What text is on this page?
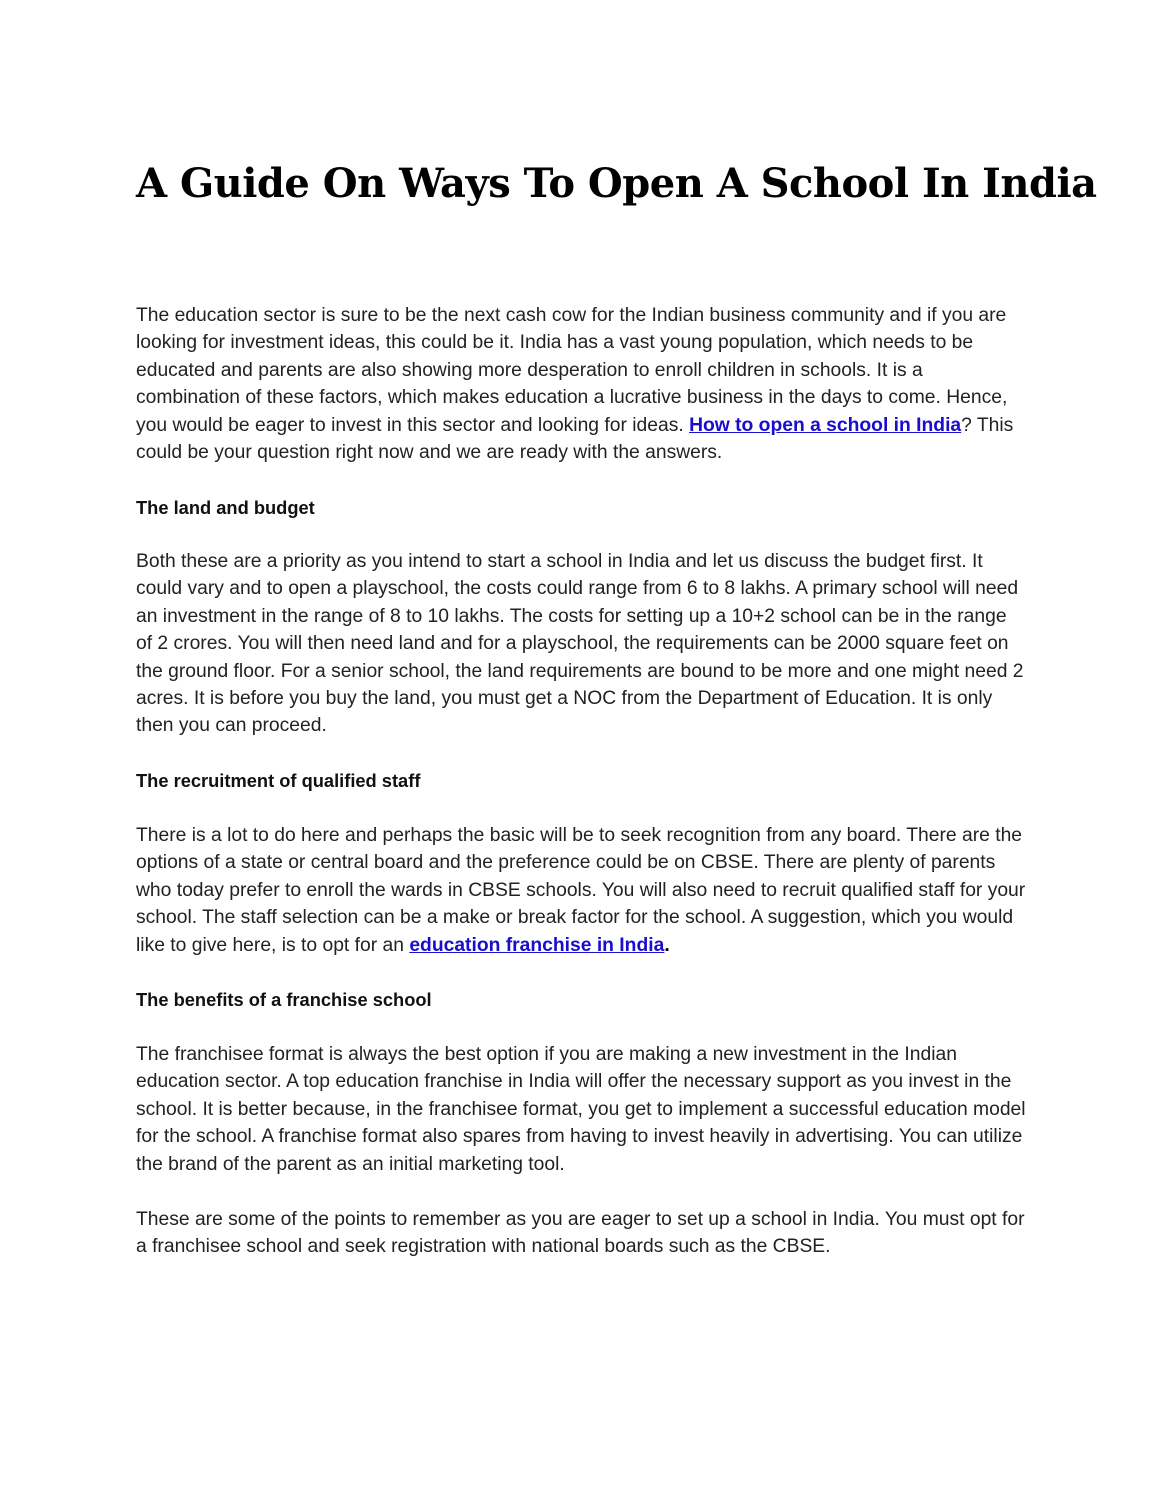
A Guide On Ways To Open A School In India

The education sector is sure to be the next cash cow for the Indian business community and if you are looking for investment ideas, this could be it. India has a vast young population, which needs to be educated and parents are also showing more desperation to enroll children in schools. It is a combination of these factors, which makes education a lucrative business in the days to come. Hence, you would be eager to invest in this sector and looking for ideas. How to open a school in India? This could be your question right now and we are ready with the answers.

The land and budget

Both these are a priority as you intend to start a school in India and let us discuss the budget first. It could vary and to open a playschool, the costs could range from 6 to 8 lakhs. A primary school will need an investment in the range of 8 to 10 lakhs. The costs for setting up a 10+2 school can be in the range of 2 crores. You will then need land and for a playschool, the requirements can be 2000 square feet on the ground floor. For a senior school, the land requirements are bound to be more and one might need 2 acres. It is before you buy the land, you must get a NOC from the Department of Education. It is only then you can proceed.

The recruitment of qualified staff

There is a lot to do here and perhaps the basic will be to seek recognition from any board. There are the options of a state or central board and the preference could be on CBSE. There are plenty of parents who today prefer to enroll the wards in CBSE schools. You will also need to recruit qualified staff for your school. The staff selection can be a make or break factor for the school. A suggestion, which you would like to give here, is to opt for an education franchise in India.

The benefits of a franchise school

The franchisee format is always the best option if you are making a new investment in the Indian education sector. A top education franchise in India will offer the necessary support as you invest in the school. It is better because, in the franchisee format, you get to implement a successful education model for the school. A franchise format also spares from having to invest heavily in advertising. You can utilize the brand of the parent as an initial marketing tool.

These are some of the points to remember as you are eager to set up a school in India. You must opt for a franchisee school and seek registration with national boards such as the CBSE.
